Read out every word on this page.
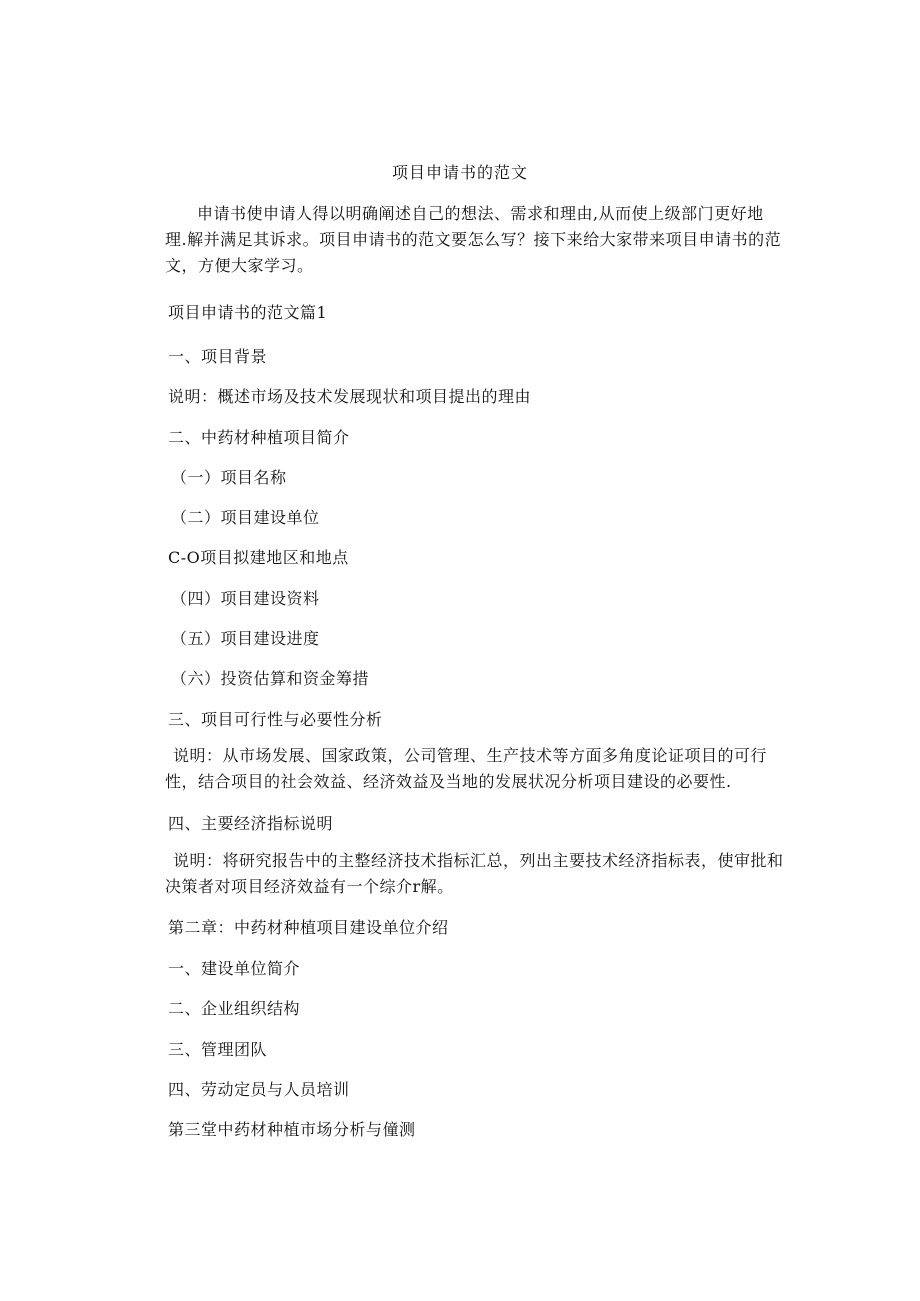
项目申请书的范文
申请书使申请人得以明确阐述自己的想法、需求和理由,从而使上级部门更好地理.解并满足其诉求。项目申请书的范文要怎么写？接下来给大家带来项目申请书的范文，方便大家学习。
项目申请书的范文篇1
一、项目背景
说明：概述市场及技术发展现状和项目提出的理由
二、中药材种植项目简介
（一）项目名称
（二）项目建设单位
C-O项目拟建地区和地点
（四）项目建设资料
（五）项目建设进度
（六）投资估算和资金筹措
三、项目可行性与必要性分析
说明：从市场发展、国家政策，公司管理、生产技术等方面多角度论证项目的可行性，结合项目的社会效益、经济效益及当地的发展状况分析项目建设的必要性.
四、主要经济指标说明
说明：将研究报告中的主整经济技术指标汇总，列出主要技术经济指标表，使审批和决策者对项目经济效益有一个综介r解。
第二章：中药材种植项目建设单位介绍
一、建设单位简介
二、企业组织结构
三、管理团队
四、劳动定员与人员培训
第三堂中药材种植市场分析与僮测
